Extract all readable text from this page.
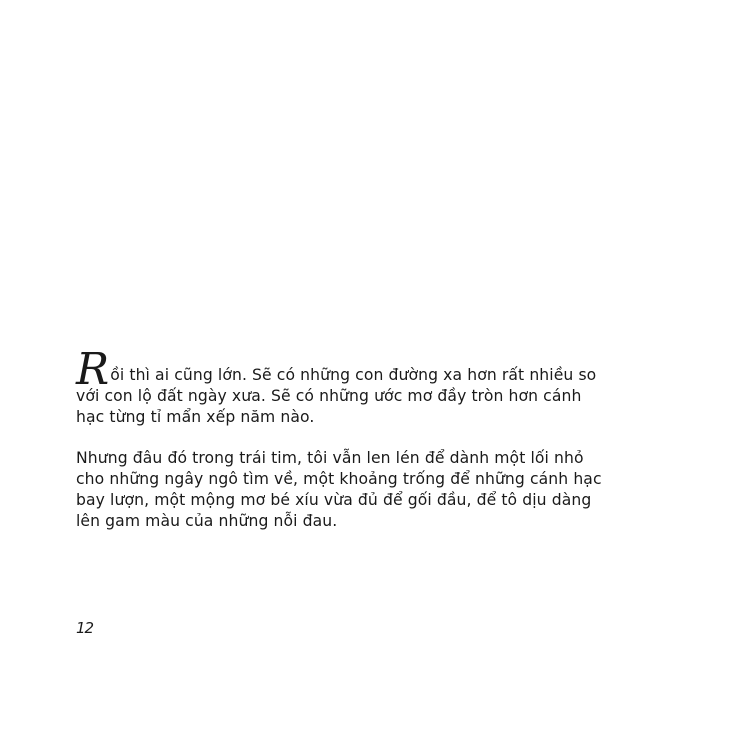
R ồi thì ai cũng lớn. Sẽ có những con đường xa hơn rất nhiều so
với con lộ đất ngày xưa. Sẽ có những ước mơ đầy tròn hơn cánh
hạc từng tỉ mẩn xếp năm nào.

Nhưng đâu đó trong trái tim, tôi vẫn len lén để dành một lối nhỏ
cho những ngây ngô tìm về, một khoảng trống để những cánh hạc
bay lượn, một mộng mơ bé xíu vừa đủ để gối đầu, để tô dịu dàng
lên gam màu của những nỗi đau.

12
